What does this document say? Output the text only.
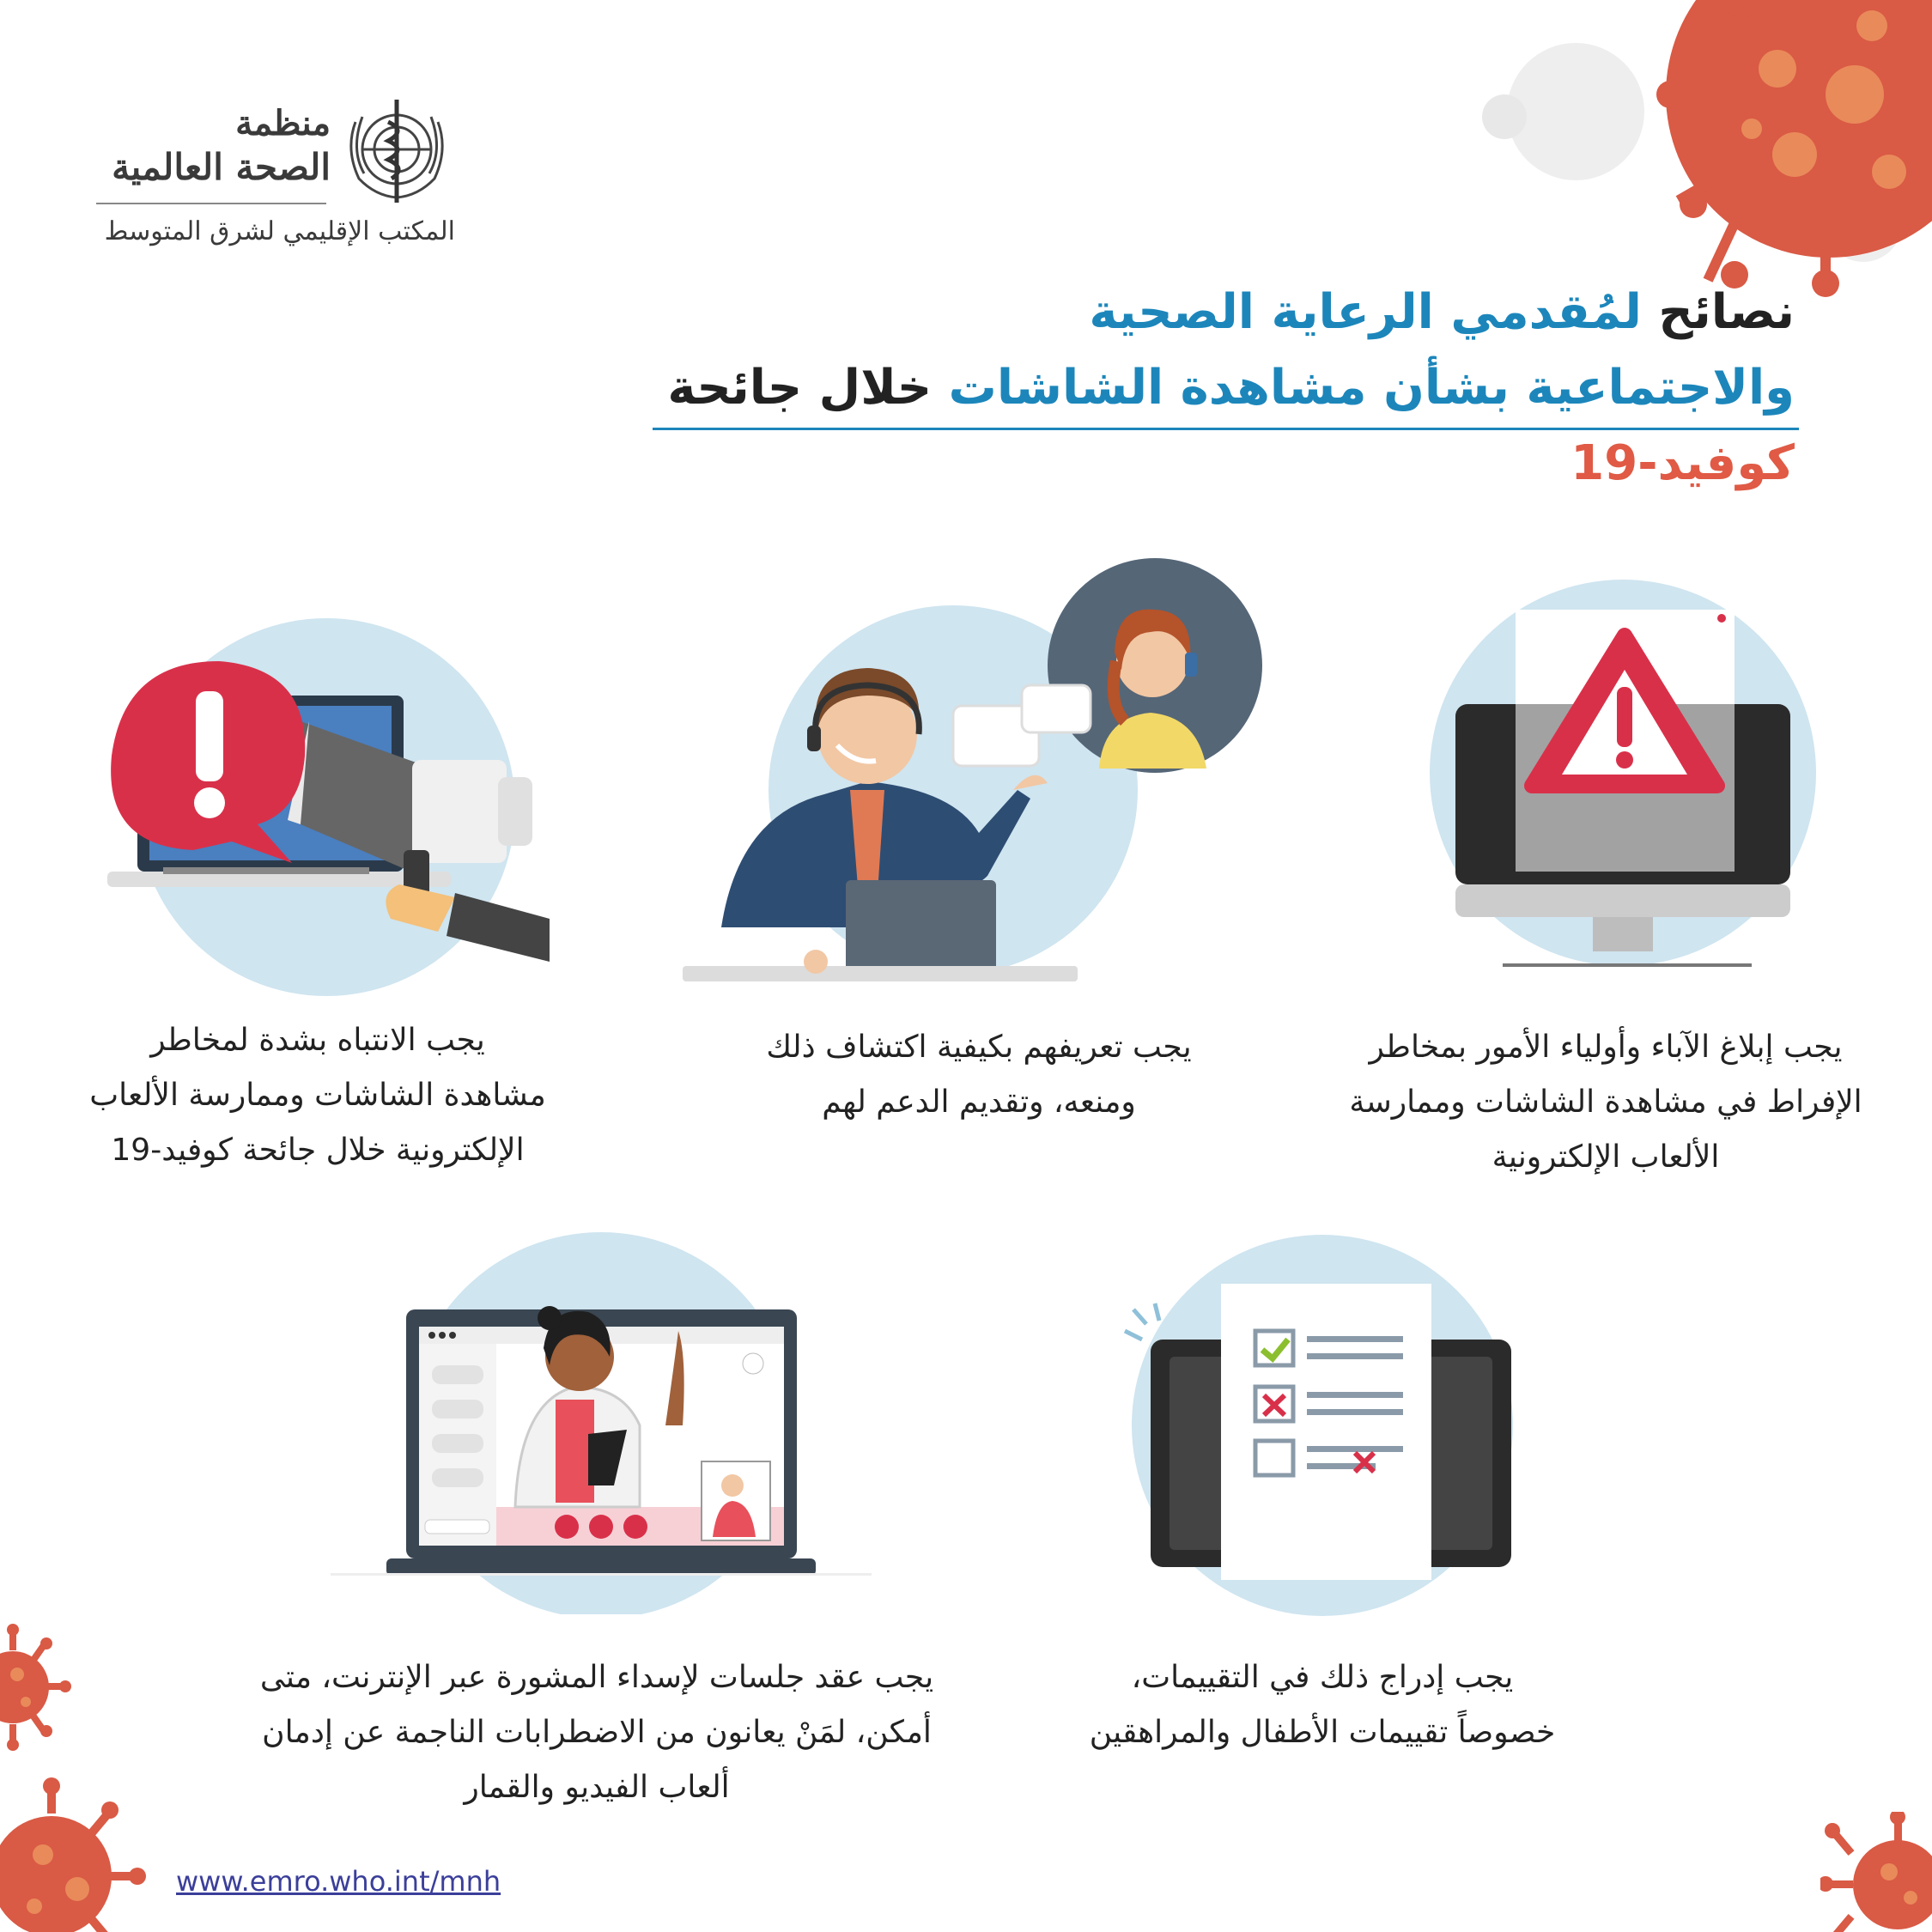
منظمة
الصحة العالمية
المكتب الإقليمي لشرق المتوسط
نصائح لمُقدمي الرعاية الصحية
والاجتماعية بشأن مشاهدة الشاشات خلال جائحة كوفيد-19
يجب إبلاغ الآباء وأولياء الأمور بمخاطر
الإفراط في مشاهدة الشاشات وممارسة
الألعاب الإلكترونية
يجب تعريفهم بكيفية اكتشاف ذلك
ومنعه، وتقديم الدعم لهم
يجب الانتباه بشدة لمخاطر
مشاهدة الشاشات وممارسة الألعاب
الإلكترونية خلال جائحة كوفيد-19
يجب إدراج ذلك في التقييمات،
خصوصاً تقييمات الأطفال والمراهقين
يجب عقد جلسات لإسداء المشورة عبر الإنترنت، متى
أمكن، لمَنْ يعانون من الاضطرابات الناجمة عن إدمان
ألعاب الفيديو والقمار
www.emro.who.int/mnh
